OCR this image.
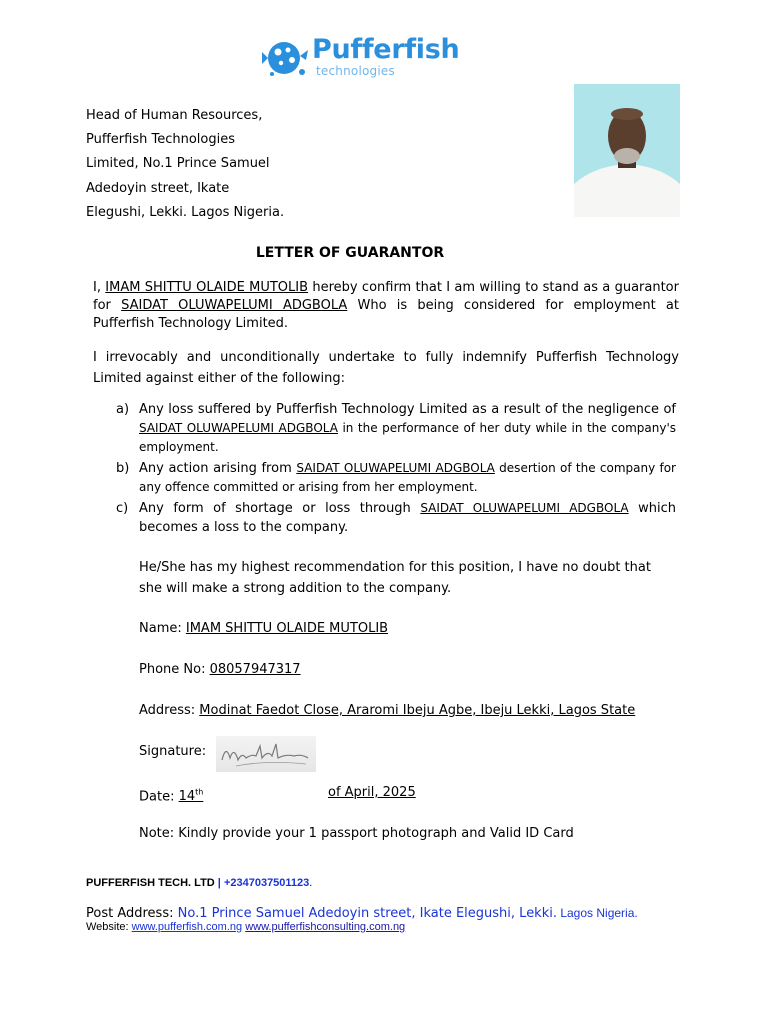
Pufferfish
technologies
Head of Human Resources,
Pufferfish Technologies
Limited, No.1 Prince Samuel
Adedoyin street, Ikate
Elegushi, Lekki. Lagos Nigeria.
LETTER OF GUARANTOR
I, IMAM SHITTU OLAIDE MUTOLIB hereby confirm that I am willing to stand as a guarantor for SAIDAT OLUWAPELUMI ADGBOLA Who is being considered for employment at Pufferfish Technology Limited.
I irrevocably and unconditionally undertake to fully indemnify Pufferfish Technology Limited against either of the following:
a) Any loss suffered by Pufferfish Technology Limited as a result of the negligence of SAIDAT OLUWAPELUMI ADGBOLA in the performance of her duty while in the company's employment.
b) Any action arising from SAIDAT OLUWAPELUMI ADGBOLA desertion of the company for any offence committed or arising from her employment.
c) Any form of shortage or loss through SAIDAT OLUWAPELUMI ADGBOLA which becomes a loss to the company.
He/She has my highest recommendation for this position, I have no doubt that she will make a strong addition to the company.
Name: IMAM SHITTU OLAIDE MUTOLIB
Phone No: 08057947317
Address: Modinat Faedot Close, Araromi Ibeju Agbe, Ibeju Lekki, Lagos State
Signature:
Date: 14th	of April, 2025
Note: Kindly provide your 1 passport photograph and Valid ID Card
PUFFERFISH TECH. LTD | +2347037501123.
Post Address: No.1 Prince Samuel Adedoyin street, Ikate Elegushi, Lekki. Lagos Nigeria.
Website: www.pufferfish.com.ng www.pufferfishconsulting.com.ng
